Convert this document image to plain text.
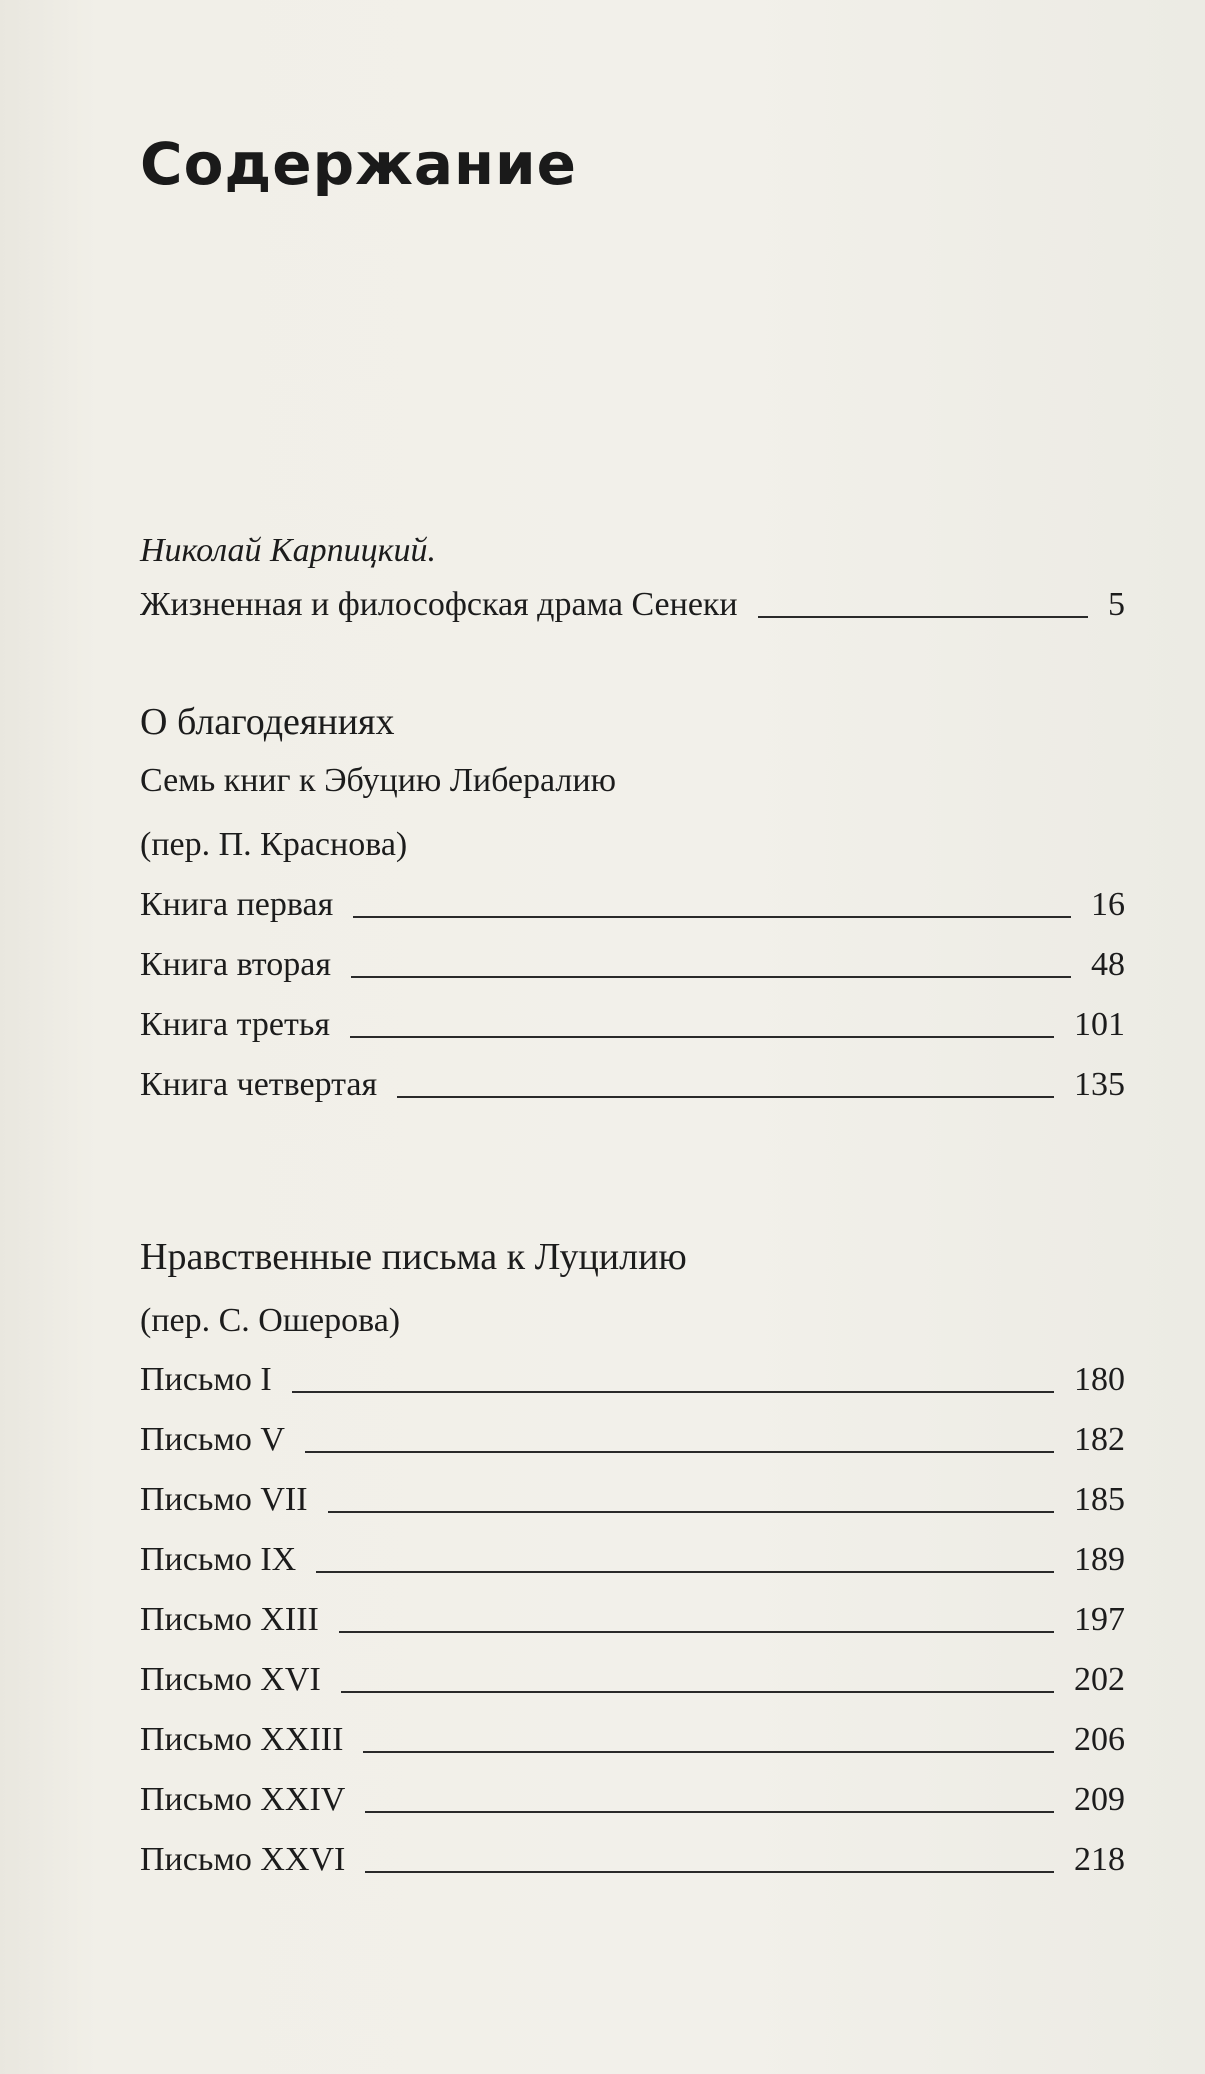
Содержание
Николай Карпицкий.
Жизненная и философская драма Сенеки	5
О благодеяниях
Семь книг к Эбуцию Либералию
(пер. П. Краснова)
Книга первая	16
Книга вторая	48
Книга третья	101
Книга четвертая	135
Нравственные письма к Луцилию
(пер. С. Ошерова)
Письмо I	180
Письмо V	182
Письмо VII	185
Письмо IX	189
Письмо XIII	197
Письмо XVI	202
Письмо XXIII	206
Письмо XXIV	209
Письмо XXVI	218
